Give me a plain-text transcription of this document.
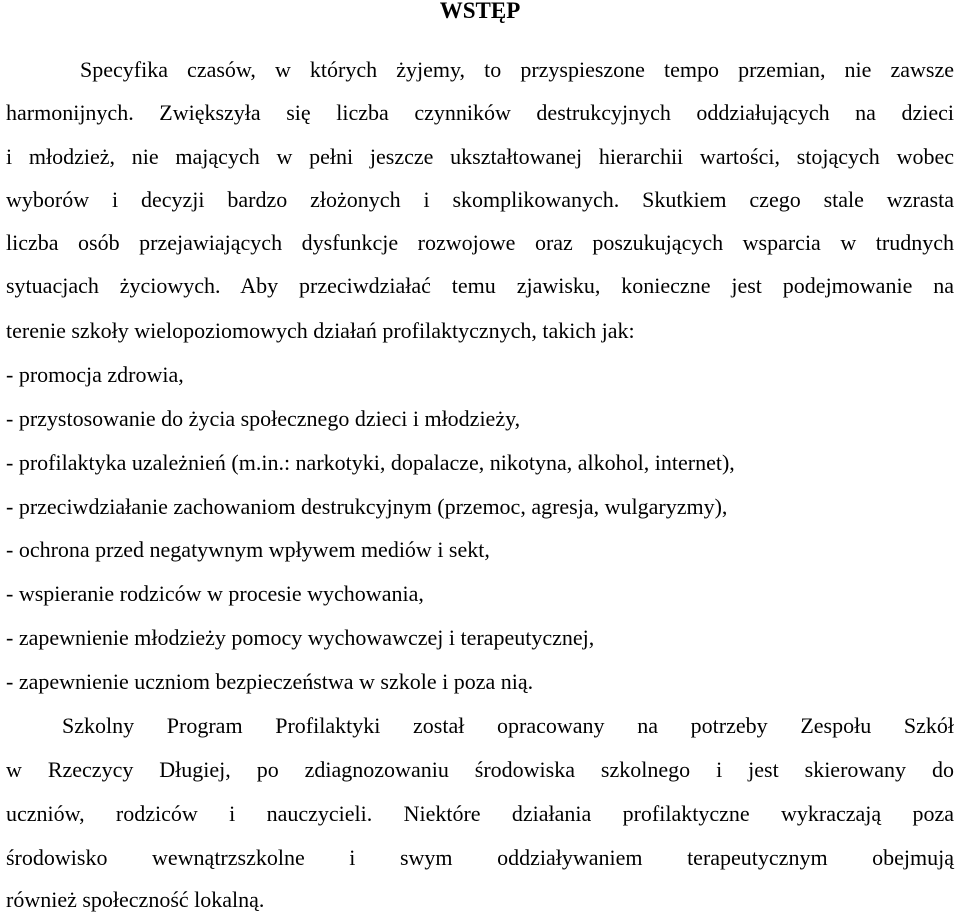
WSTĘP

Specyfika czasów, w których żyjemy, to przyspieszone tempo przemian, nie zawsze

harmonijnych. Zwiększyła się liczba czynników destrukcyjnych oddziałujących na dzieci

i młodzież, nie mających w pełni jeszcze ukształtowanej hierarchii wartości, stojących wobec

wyborów i decyzji bardzo złożonych i skomplikowanych. Skutkiem czego stale wzrasta

liczba osób przejawiających dysfunkcje rozwojowe oraz poszukujących wsparcia w trudnych

sytuacjach życiowych. Aby przeciwdziałać temu zjawisku, konieczne jest podejmowanie na

terenie szkoły wielopoziomowych działań profilaktycznych, takich jak:

- promocja zdrowia,

- przystosowanie do życia społecznego dzieci i młodzieży,

- profilaktyka uzależnień (m.in.: narkotyki, dopalacze, nikotyna, alkohol, internet),

- przeciwdziałanie zachowaniom destrukcyjnym (przemoc, agresja, wulgaryzmy),

- ochrona przed negatywnym wpływem mediów i sekt,

- wspieranie rodziców w procesie wychowania,

- zapewnienie młodzieży pomocy wychowawczej i terapeutycznej,

- zapewnienie uczniom bezpieczeństwa w szkole i poza nią.

Szkolny Program Profilaktyki został opracowany na potrzeby Zespołu Szkół

w Rzeczycy Długiej, po zdiagnozowaniu środowiska szkolnego i jest skierowany do

uczniów, rodziców i nauczycieli. Niektóre działania profilaktyczne wykraczają poza

środowisko wewnątrzszkolne i swym oddziaływaniem terapeutycznym obejmują

również społeczność lokalną.
